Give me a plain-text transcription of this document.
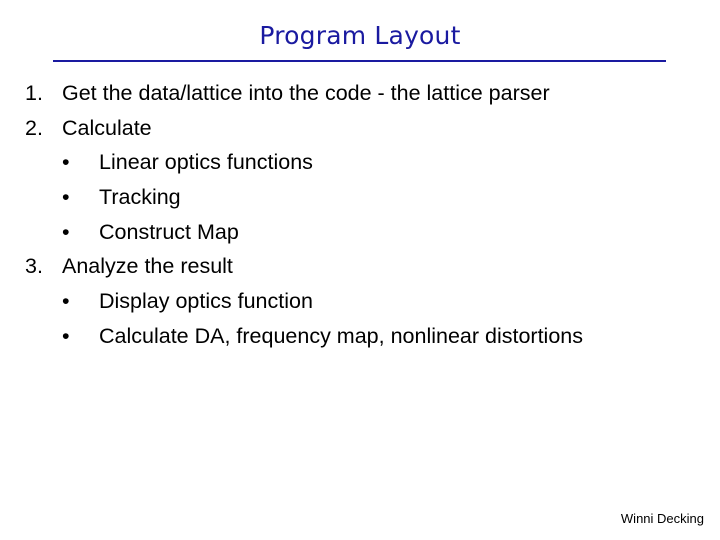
Program Layout
1. Get the data/lattice into the code - the lattice parser
2. Calculate
• Linear optics functions
• Tracking
• Construct Map
3. Analyze the result
• Display optics function
• Calculate DA, frequency map, nonlinear distortions
Winni Decking
